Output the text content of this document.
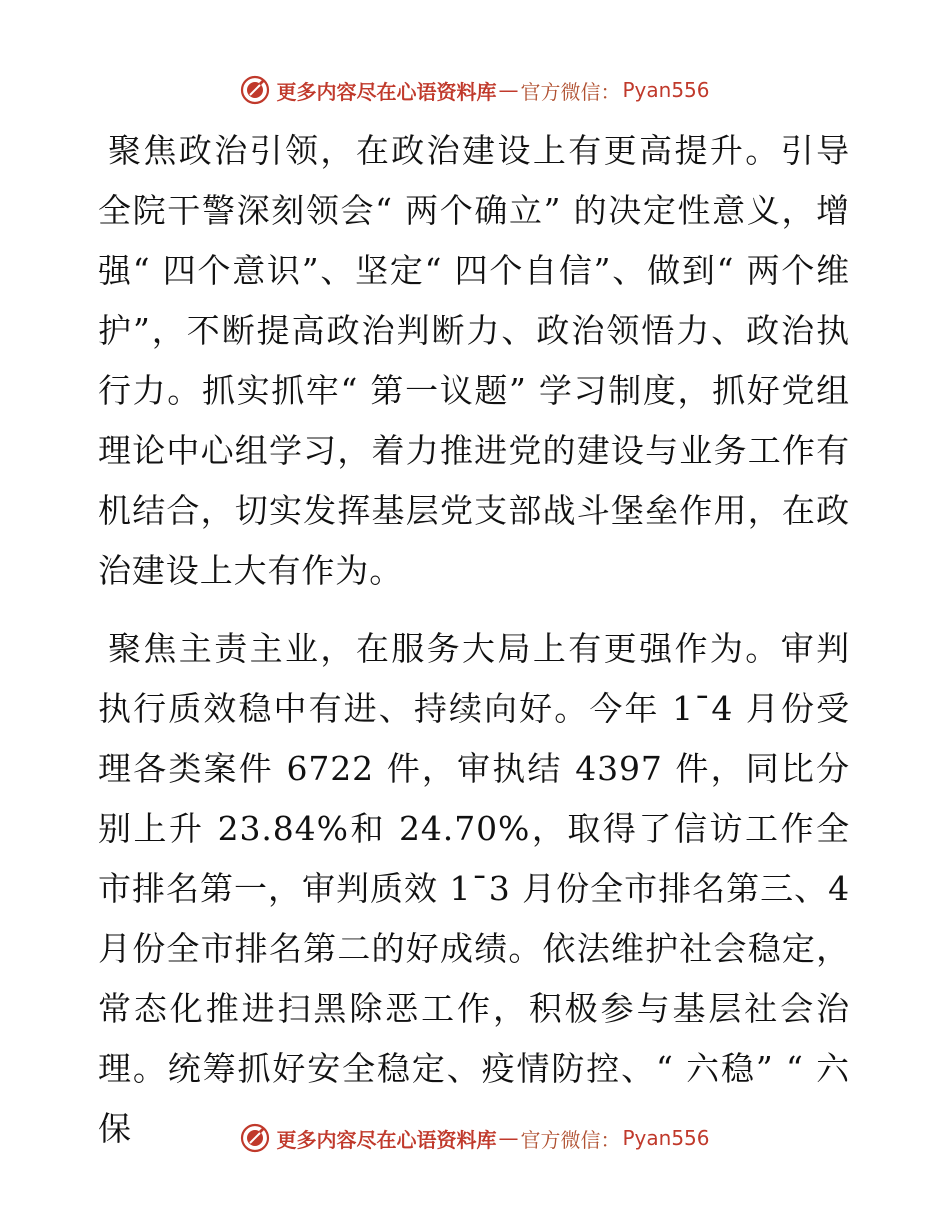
更多内容尽在心语资料库 — 官方微信： Pyan556

聚焦政治引领，在政治建设上有更高提升。引导全院干警深刻领会“ 两个确立” 的决定性意义，增强“ 四个意识”、坚定“ 四个自信”、做到“ 两个维护”，不断提高政治判断力、政治领悟力、政治执行力。抓实抓牢“ 第一议题” 学习制度，抓好党组理论中心组学习，着力推进党的建设与业务工作有机结合，切实发挥基层党支部战斗堡垒作用，在政治建设上大有作为。

聚焦主责主业，在服务大局上有更强作为。审判执行质效稳中有进、持续向好。今年 1¯4 月份受理各类案件 6722 件，审执结 4397 件，同比分别上升 23.84%和 24.70%，取得了信访工作全市排名第一，审判质效 1¯3 月份全市排名第三、4 月份全市排名第二的好成绩。依法维护社会稳定，常态化推进扫黑除恶工作，积极参与基层社会治理。统筹抓好安全稳定、疫情防控、“ 六稳” “ 六保	更多内容尽在心语资料库 — 官方微信： Pyan556
